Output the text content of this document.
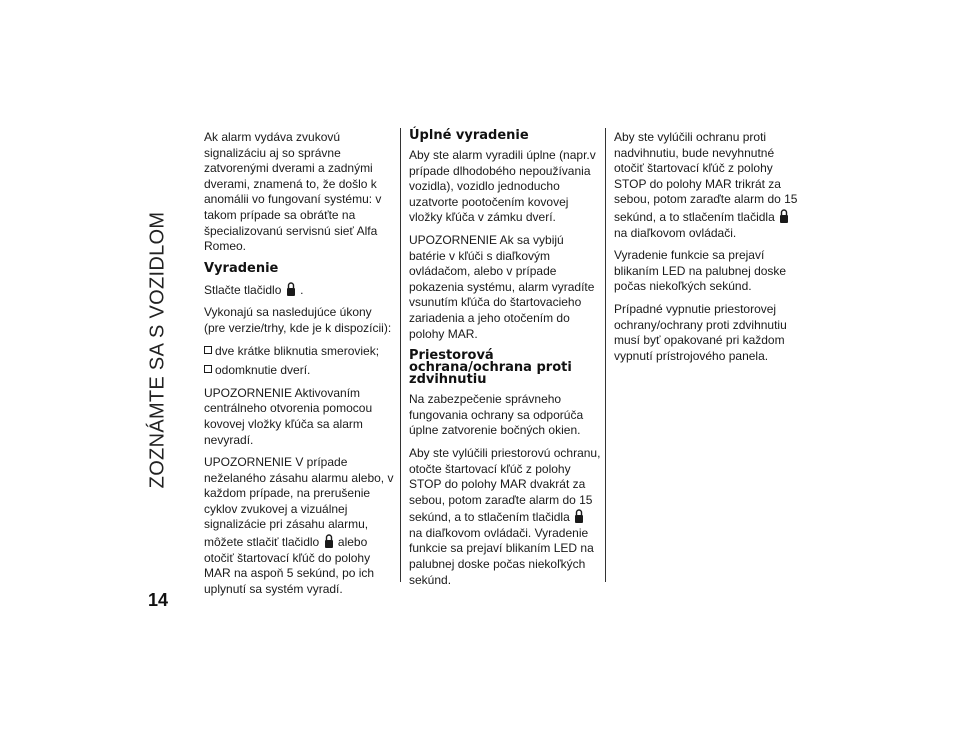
ZOZNÁMTE SA S VOZIDLOM
14

Ak alarm vydáva zvukovú signalizáciu aj so správne zatvorenými dverami a zadnými dverami, znamená to, že došlo k anomálii vo fungovaní systému: v takom prípade sa obráťte na špecializovanú servisnú sieť Alfa Romeo.

Vyradenie

Stlačte tlačidlo .

Vykonajú sa nasledujúce úkony (pre verzie/trhy, kde je k dispozícii):

dve krátke bliknutia smeroviek;

odomknutie dverí.

UPOZORNENIE Aktivovaním centrálneho otvorenia pomocou kovovej vložky kľúča sa alarm nevyradí.

UPOZORNENIE V prípade neželaného zásahu alarmu alebo, v každom prípade, na prerušenie cyklov zvukovej a vizuálnej signalizácie pri zásahu alarmu, môžete stlačiť tlačidlo alebo otočiť štartovací kľúč do polohy MAR na aspoň 5 sekúnd, po ich uplynutí sa systém vyradí.

Úplné vyradenie

Aby ste alarm vyradili úplne (napr.v prípade dlhodobého nepoužívania vozidla), vozidlo jednoducho uzatvorte pootočením kovovej vložky kľúča v zámku dverí.

UPOZORNENIE Ak sa vybijú batérie v kľúči s diaľkovým ovládačom, alebo v prípade pokazenia systému, alarm vyradíte vsunutím kľúča do štartovacieho zariadenia a jeho otočením do polohy MAR.

Priestorová ochrana/ochrana proti zdvihnutiu

Na zabezpečenie správneho fungovania ochrany sa odporúča úplne zatvorenie bočných okien.

Aby ste vylúčili priestorovú ochranu, otočte štartovací kľúč z polohy STOP do polohy MAR dvakrát za sebou, potom zaraďte alarm do 15 sekúnd, a to stlačením tlačidla  na diaľkovom ovládači. Vyradenie funkcie sa prejaví blikaním LED na palubnej doske počas niekoľkých sekúnd.

Aby ste vylúčili ochranu proti nadvihnutiu, bude nevyhnutné otočiť štartovací kľúč z polohy STOP do polohy MAR trikrát za sebou, potom zaraďte alarm do 15 sekúnd, a to stlačením tlačidla  na diaľkovom ovládači.

Vyradenie funkcie sa prejaví blikaním LED na palubnej doske počas niekoľkých sekúnd.

Prípadné vypnutie priestorovej ochrany/ochrany proti zdvihnutiu musí byť opakované pri každom vypnutí prístrojového panela.
